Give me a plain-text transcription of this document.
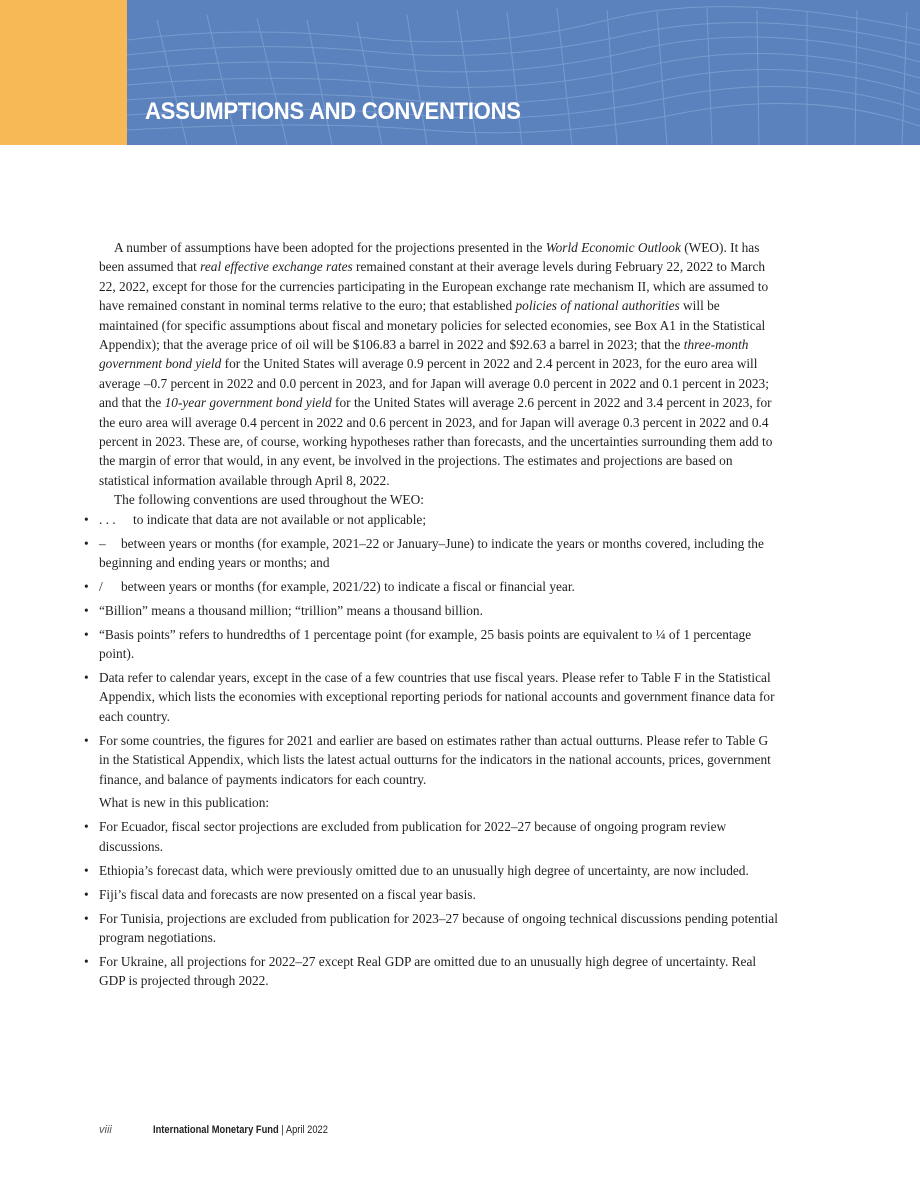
ASSUMPTIONS AND CONVENTIONS

A number of assumptions have been adopted for the projections presented in the World Economic Outlook (WEO). It has been assumed that real effective exchange rates remained constant at their average levels during February 22, 2022 to March 22, 2022, except for those for the currencies participating in the European exchange rate mechanism II, which are assumed to have remained constant in nominal terms relative to the euro; that established policies of national authorities will be maintained (for specific assumptions about fiscal and monetary policies for selected economies, see Box A1 in the Statistical Appendix); that the average price of oil will be $106.83 a barrel in 2022 and $92.63 a barrel in 2023; that the three-month government bond yield for the United States will average 0.9 percent in 2022 and 2.4 percent in 2023, for the euro area will average –0.7 percent in 2022 and 0.0 percent in 2023, and for Japan will average 0.0 percent in 2022 and 0.1 percent in 2023; and that the 10-year government bond yield for the United States will average 2.6 percent in 2022 and 3.4 percent in 2023, for the euro area will average 0.4 percent in 2022 and 0.6 percent in 2023, and for Japan will average 0.3 percent in 2022 and 0.4 percent in 2023. These are, of course, working hypotheses rather than forecasts, and the uncertainties surrounding them add to the margin of error that would, in any event, be involved in the projections. The estimates and projections are based on statistical information available through April 8, 2022.

The following conventions are used throughout the WEO:

• . . . to indicate that data are not available or not applicable;
• – between years or months (for example, 2021–22 or January–June) to indicate the years or months covered, including the beginning and ending years or months; and
• / between years or months (for example, 2021/22) to indicate a fiscal or financial year.
• “Billion” means a thousand million; “trillion” means a thousand billion.
• “Basis points” refers to hundredths of 1 percentage point (for example, 25 basis points are equivalent to ¼ of 1 percentage point).
• Data refer to calendar years, except in the case of a few countries that use fiscal years. Please refer to Table F in the Statistical Appendix, which lists the economies with exceptional reporting periods for national accounts and government finance data for each country.
• For some countries, the figures for 2021 and earlier are based on estimates rather than actual outturns. Please refer to Table G in the Statistical Appendix, which lists the latest actual outturns for the indicators in the national accounts, prices, government finance, and balance of payments indicators for each country.

What is new in this publication:

• For Ecuador, fiscal sector projections are excluded from publication for 2022–27 because of ongoing program review discussions.
• Ethiopia’s forecast data, which were previously omitted due to an unusually high degree of uncertainty, are now included.
• Fiji’s fiscal data and forecasts are now presented on a fiscal year basis.
• For Tunisia, projections are excluded from publication for 2023–27 because of ongoing technical discussions pending potential program negotiations.
• For Ukraine, all projections for 2022–27 except Real GDP are omitted due to an unusually high degree of uncertainty. Real GDP is projected through 2022.
viii	International Monetary Fund | April 2022
